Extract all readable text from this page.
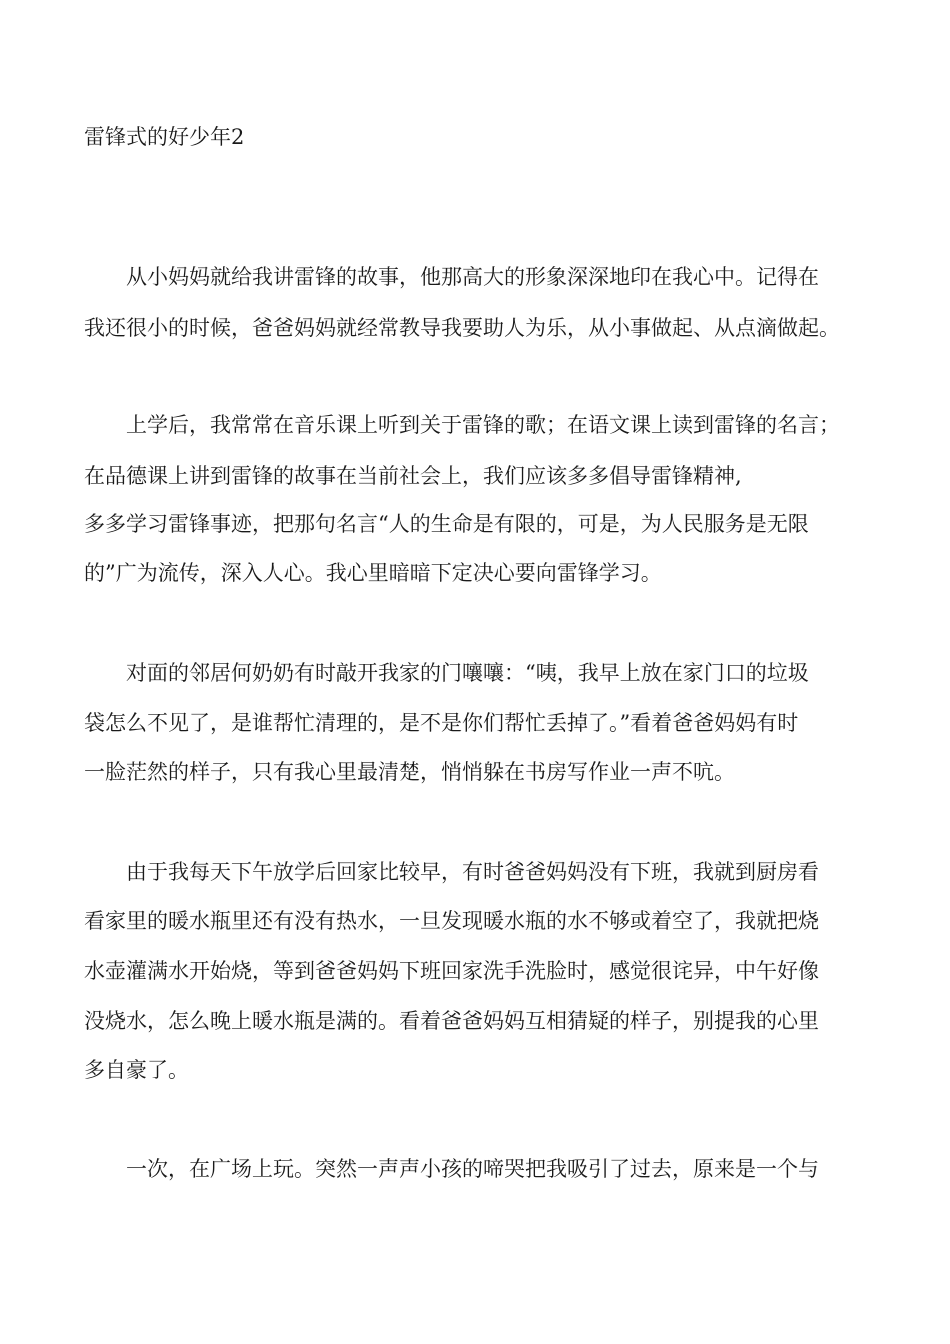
雷锋式的好少年2
从小妈妈就给我讲雷锋的故事，他那高大的形象深深地印在我心中。记得在
我还很小的时候，爸爸妈妈就经常教导我要助人为乐，从小事做起、从点滴做起。
上学后，我常常在音乐课上听到关于雷锋的歌；在语文课上读到雷锋的名言；
在品德课上讲到雷锋的故事在当前社会上，我们应该多多倡导雷锋精神,
多多学习雷锋事迹，把那句名言“人的生命是有限的，可是，为人民服务是无限
的”广为流传，深入人心。我心里暗暗下定决心要向雷锋学习。
对面的邻居何奶奶有时敲开我家的门嚷嚷：“咦，我早上放在家门口的垃圾
袋怎么不见了，是谁帮忙清理的，是不是你们帮忙丢掉了。”看着爸爸妈妈有时
一脸茫然的样子，只有我心里最清楚，悄悄躲在书房写作业一声不吭。
由于我每天下午放学后回家比较早，有时爸爸妈妈没有下班，我就到厨房看
看家里的暖水瓶里还有没有热水，一旦发现暖水瓶的水不够或着空了，我就把烧
水壶灌满水开始烧，等到爸爸妈妈下班回家洗手洗脸时，感觉很诧异，中午好像
没烧水，怎么晚上暖水瓶是满的。看着爸爸妈妈互相猜疑的样子，别提我的心里
多自豪了。
一次，在广场上玩。突然一声声小孩的啼哭把我吸引了过去，原来是一个与
